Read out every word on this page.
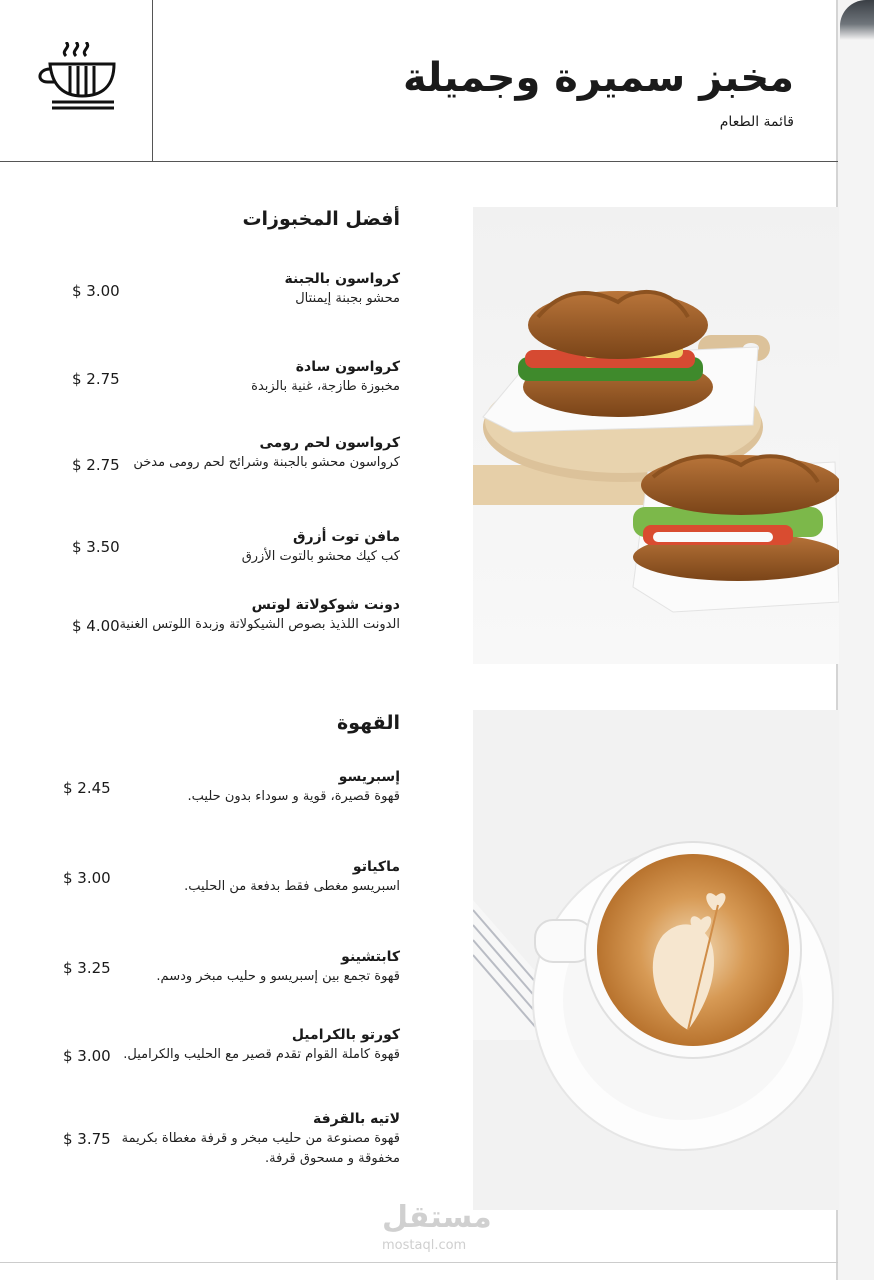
مخبز سميرة وجميلة
قائمة الطعام
أفضل المخبوزات
كرواسون بالجبنة
محشو بجبنة إيمنتال
$ 3.00
كرواسون سادة
مخبوزة طازجة، غنية بالزبدة
$ 2.75
كرواسون لحم رومى
كرواسون محشو بالجبنة وشرائح لحم رومى مدخن
$ 2.75
مافن توت أزرق
كب كيك محشو بالتوت الأزرق
$ 3.50
دونت شوكولاتة لوتس
الدونت اللذيذ بصوص الشيكولاتة وزبدة اللوتس الغنية
$ 4.00
القهوة
إسبريسو
قهوة قصيرة، قوية و سوداء بدون حليب.
$ 2.45
ماكياتو
اسبريسو مغطى فقط بدفعة من الحليب.
$ 3.00
كابتشينو
قهوة تجمع بين إسبريسو و حليب مبخر ودسم.
$ 3.25
كورتو بالكراميل
قهوة كاملة القوام تقدم قصير مع الحليب والكراميل.
$ 3.00
لاتيه بالقرفة
قهوة مصنوعة من حليب مبخر و قرفة مغطاة بكريمة مخفوقة و مسحوق قرفة.
$ 3.75
مستقل
mostaql.com
